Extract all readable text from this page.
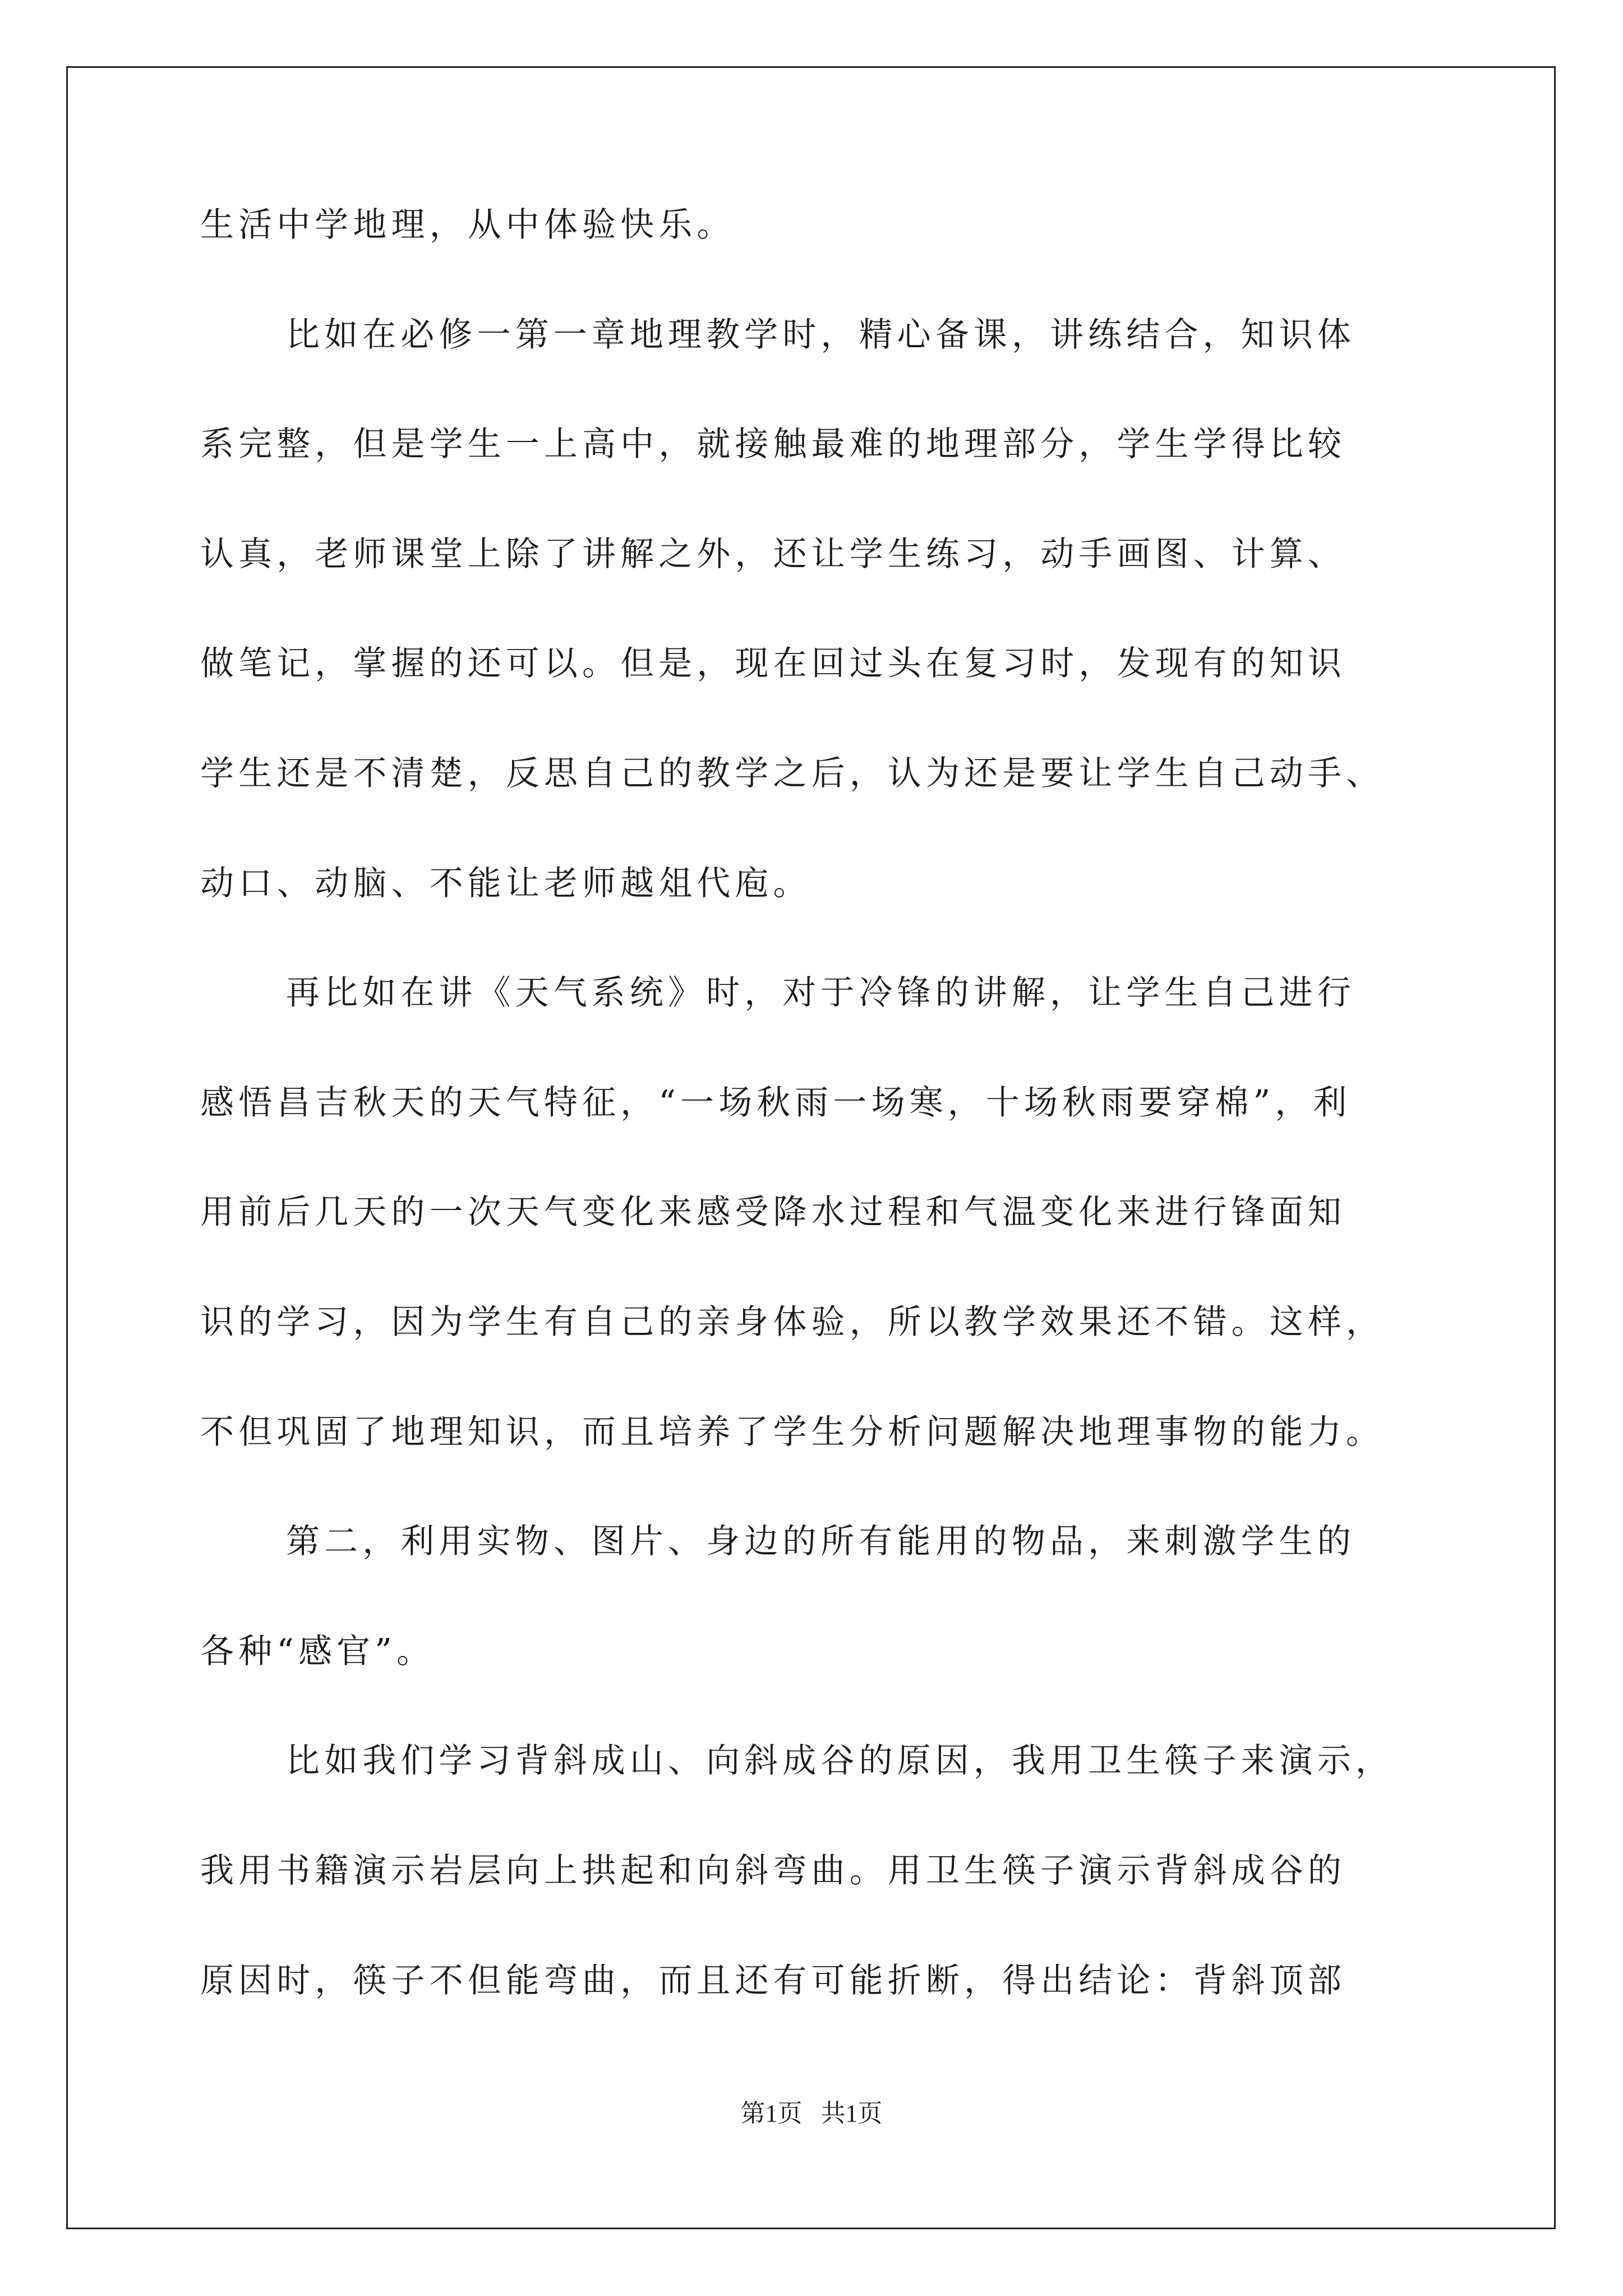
生活中学地理，从中体验快乐。
比如在必修一第一章地理教学时，精心备课，讲练结合，知识体
系完整，但是学生一上高中，就接触最难的地理部分，学生学得比较
认真，老师课堂上除了讲解之外，还让学生练习，动手画图、计算、
做笔记，掌握的还可以。但是，现在回过头在复习时，发现有的知识
学生还是不清楚，反思自己的教学之后，认为还是要让学生自己动手、
动口、动脑、不能让老师越俎代庖。
再比如在讲《天气系统》时，对于冷锋的讲解，让学生自己进行
感悟昌吉秋天的天气特征，“一场秋雨一场寒，十场秋雨要穿棉”，利
用前后几天的一次天气变化来感受降水过程和气温变化来进行锋面知
识的学习，因为学生有自己的亲身体验，所以教学效果还不错。这样，
不但巩固了地理知识，而且培养了学生分析问题解决地理事物的能力。
第二，利用实物、图片、身边的所有能用的物品，来刺激学生的
各种“感官”。
比如我们学习背斜成山、向斜成谷的原因，我用卫生筷子来演示，
我用书籍演示岩层向上拱起和向斜弯曲。用卫生筷子演示背斜成谷的
原因时，筷子不但能弯曲，而且还有可能折断，得出结论：背斜顶部
第1页   共1页
